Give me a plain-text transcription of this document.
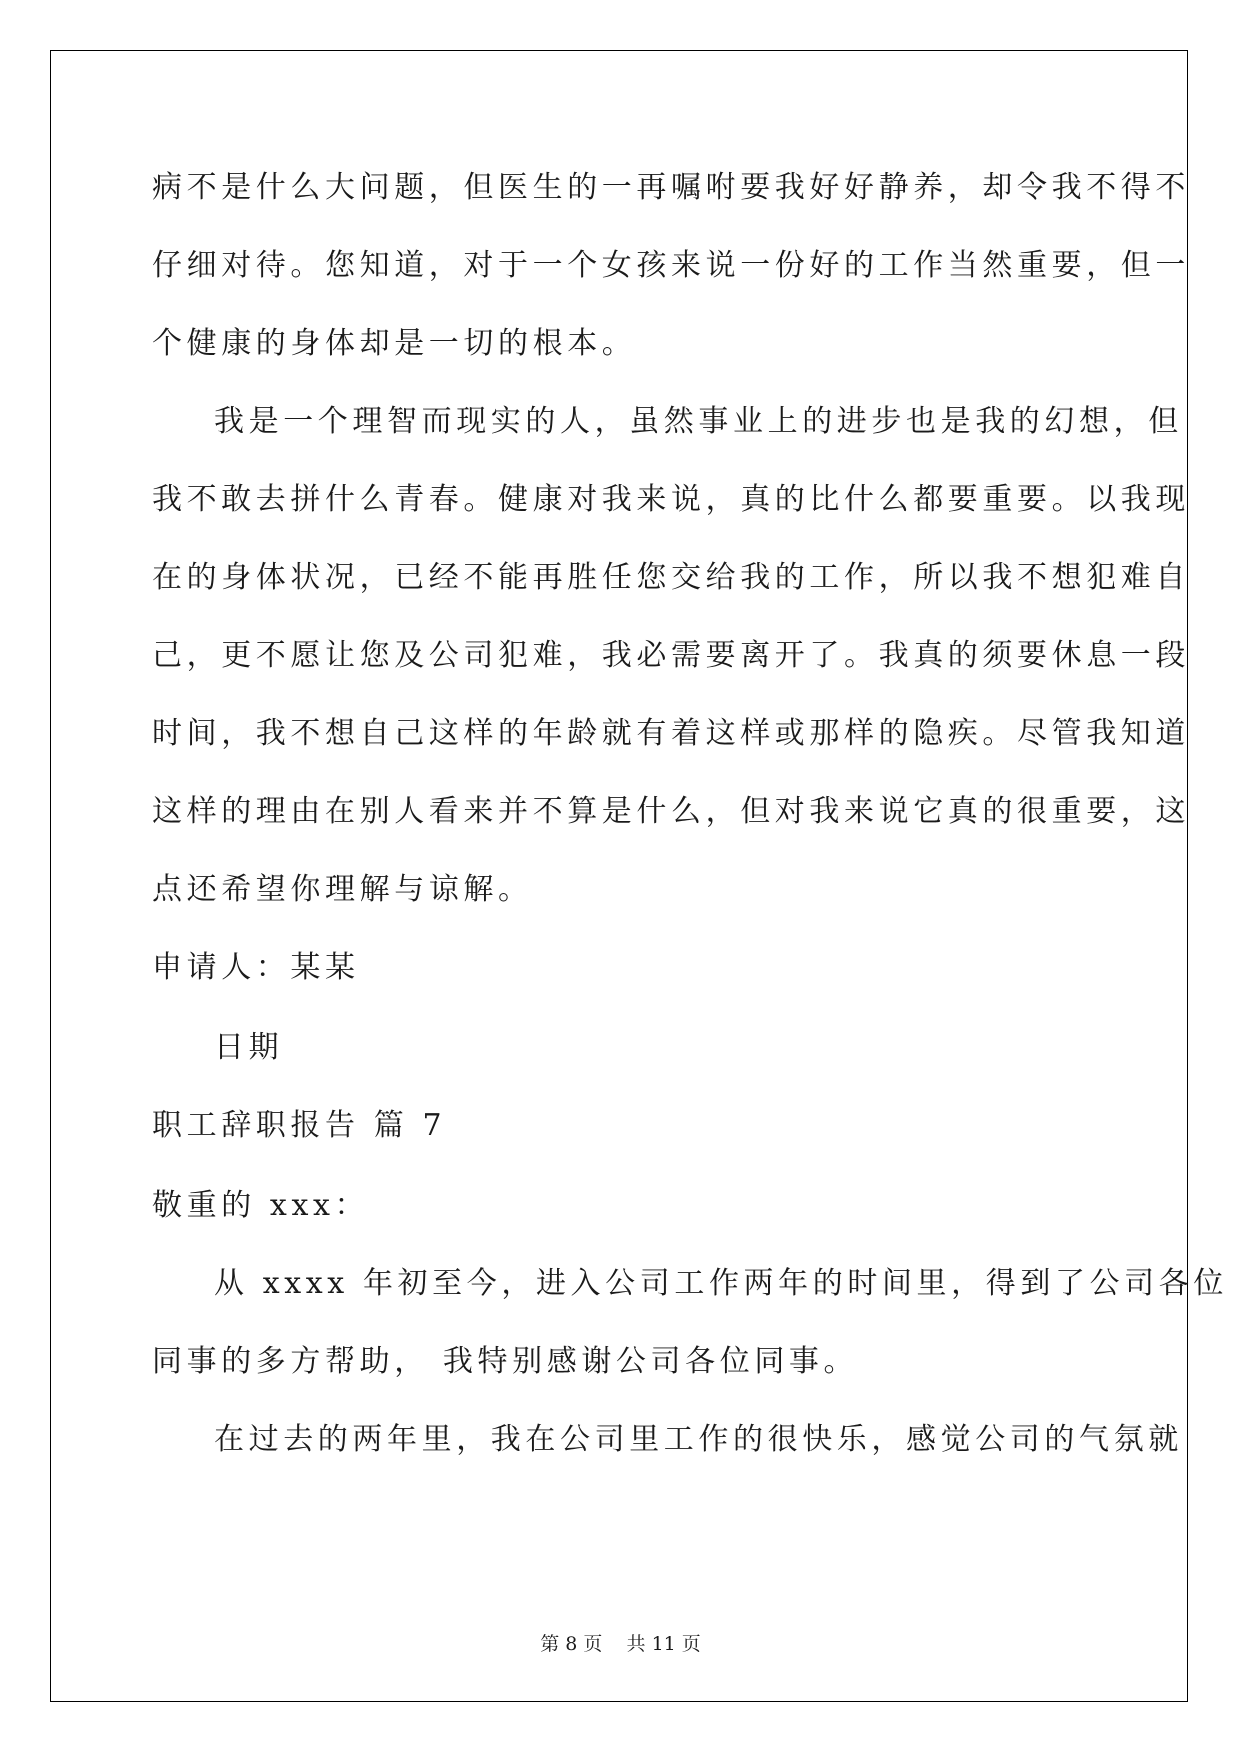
病不是什么大问题，但医生的一再嘱咐要我好好静养，却令我不得不
仔细对待。您知道，对于一个女孩来说一份好的工作当然重要，但一
个健康的身体却是一切的根本。
我是一个理智而现实的人，虽然事业上的进步也是我的幻想，但
我不敢去拼什么青春。健康对我来说，真的比什么都要重要。以我现
在的身体状况，已经不能再胜任您交给我的工作，所以我不想犯难自
己，更不愿让您及公司犯难，我必需要离开了。我真的须要休息一段
时间，我不想自己这样的年龄就有着这样或那样的隐疾。尽管我知道
这样的理由在别人看来并不算是什么，但对我来说它真的很重要，这
点还希望你理解与谅解。
申请人：某某
日期
职工辞职报告 篇 7
敬重的 xxx：
从 xxxx 年初至今，进入公司工作两年的时间里，得到了公司各位
同事的多方帮助， 我特别感谢公司各位同事。
在过去的两年里，我在公司里工作的很快乐，感觉公司的气氛就
第 8 页    共 11 页
